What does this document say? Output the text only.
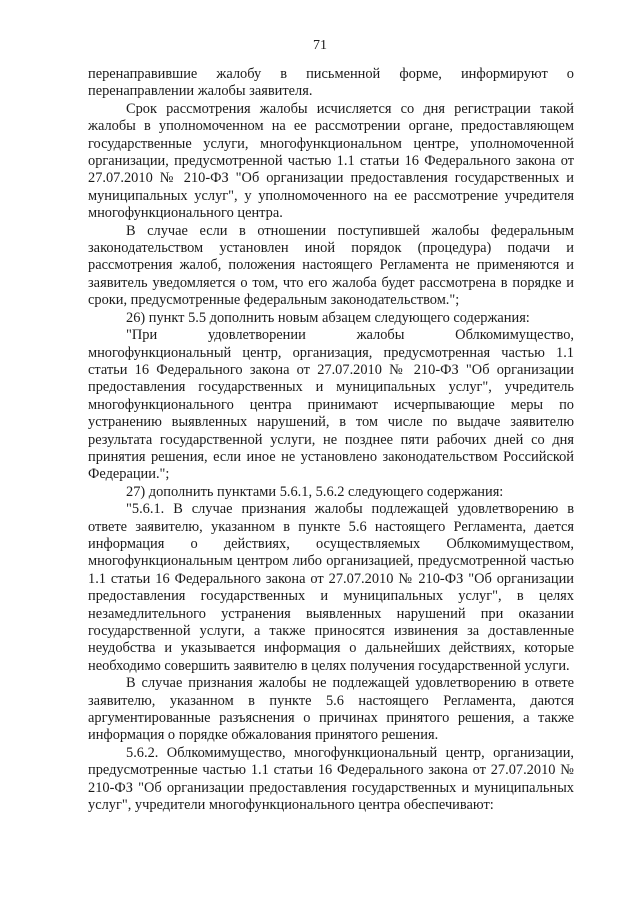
71

перенаправившие жалобу в письменной форме, информируют о перенаправлении жалобы заявителя.

Срок рассмотрения жалобы исчисляется со дня регистрации такой жалобы в уполномоченном на ее рассмотрении органе, предоставляющем государственные услуги, многофункциональном центре, уполномоченной организации, предусмотренной частью 1.1 статьи 16 Федерального закона от 27.07.2010 № 210-ФЗ "Об организации предоставления государственных и муниципальных услуг", у уполномоченного на ее рассмотрение учредителя многофункционального центра.

В случае если в отношении поступившей жалобы федеральным законодательством установлен иной порядок (процедура) подачи и рассмотрения жалоб, положения настоящего Регламента не применяются и заявитель уведомляется о том, что его жалоба будет рассмотрена в порядке и сроки, предусмотренные федеральным законодательством.";

26) пункт 5.5 дополнить новым абзацем следующего содержания:

"При удовлетворении жалобы Облкомимущество, многофункциональный центр, организация, предусмотренная частью 1.1 статьи 16 Федерального закона от 27.07.2010 № 210-ФЗ "Об организации предоставления государственных и муниципальных услуг", учредитель многофункционального центра принимают исчерпывающие меры по устранению выявленных нарушений, в том числе по выдаче заявителю результата государственной услуги, не позднее пяти рабочих дней со дня принятия решения, если иное не установлено законодательством Российской Федерации.";

27) дополнить пунктами 5.6.1, 5.6.2 следующего содержания:

"5.6.1. В случае признания жалобы подлежащей удовлетворению в ответе заявителю, указанном в пункте 5.6 настоящего Регламента, дается информация о действиях, осуществляемых Облкомимуществом, многофункциональным центром либо организацией, предусмотренной частью 1.1 статьи 16 Федерального закона от 27.07.2010 № 210-ФЗ "Об организации предоставления государственных и муниципальных услуг", в целях незамедлительного устранения выявленных нарушений при оказании государственной услуги, а также приносятся извинения за доставленные неудобства и указывается информация о дальнейших действиях, которые необходимо совершить заявителю в целях получения государственной услуги.

В случае признания жалобы не подлежащей удовлетворению в ответе заявителю, указанном в пункте 5.6 настоящего Регламента, даются аргументированные разъяснения о причинах принятого решения, а также информация о порядке обжалования принятого решения.

5.6.2. Облкомимущество, многофункциональный центр, организации, предусмотренные частью 1.1 статьи 16 Федерального закона от 27.07.2010 № 210-ФЗ "Об организации предоставления государственных и муниципальных услуг", учредители многофункционального центра обеспечивают:
